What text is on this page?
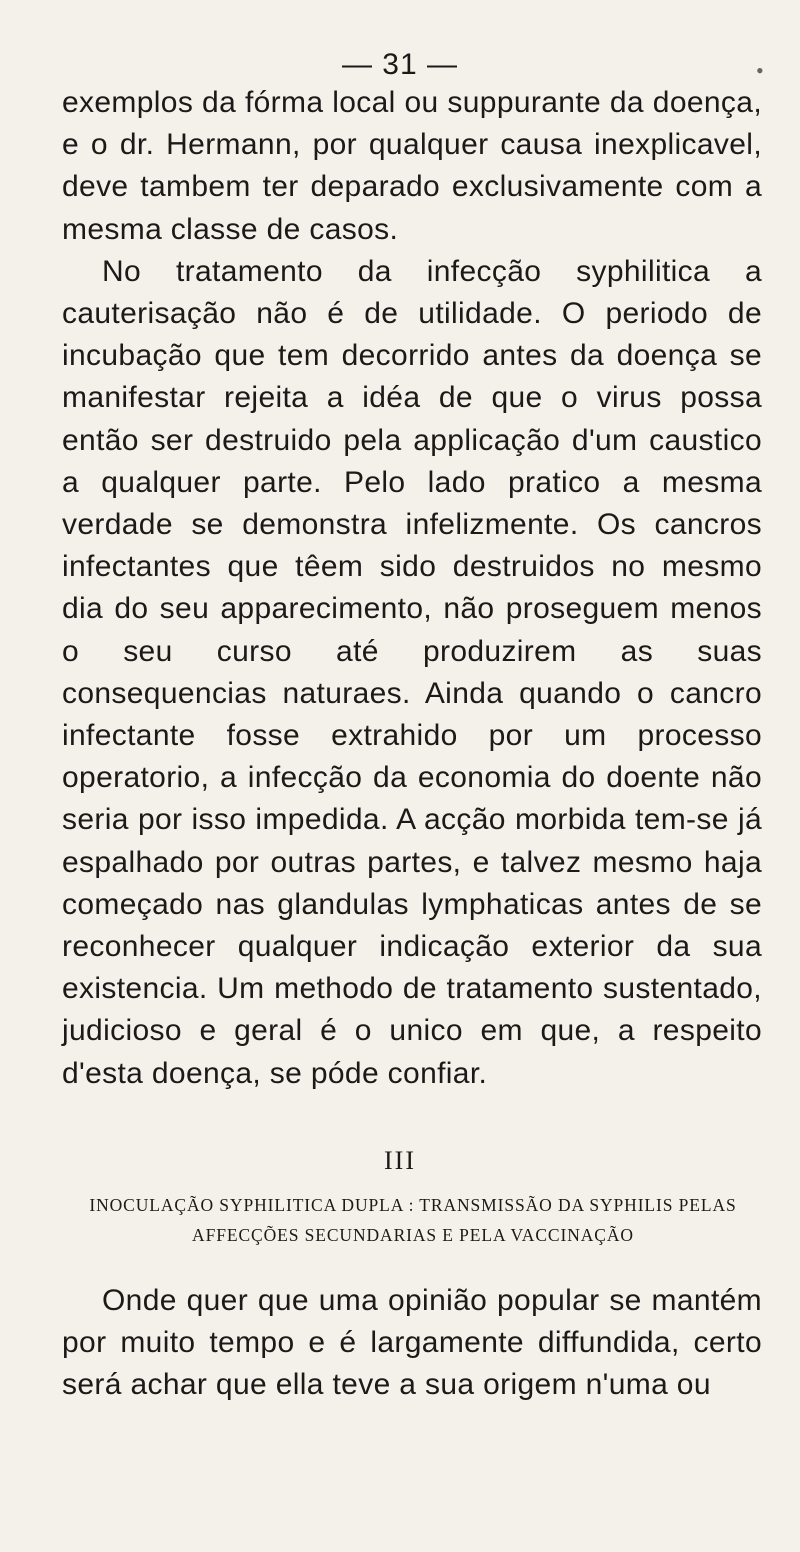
— 31 —	•

exemplos da fórma local ou suppurante da doença, e o dr. Hermann, por qualquer causa inexplicavel, deve tambem ter deparado exclusivamente com a mesma classe de casos.

No tratamento da infecção syphilitica a cauterisação não é de utilidade. O periodo de incubação que tem decorrido antes da doença se manifestar rejeita a idéa de que o virus possa então ser destruido pela applicação d'um caustico a qualquer parte. Pelo lado pratico a mesma verdade se demonstra infelizmente. Os cancros infectantes que têem sido destruidos no mesmo dia do seu apparecimento, não proseguem menos o seu curso até produzirem as suas consequencias naturaes. Ainda quando o cancro infectante fosse extrahido por um processo operatorio, a infecção da economia do doente não seria por isso impedida. A acção morbida tem-se já espalhado por outras partes, e talvez mesmo haja começado nas glandulas lymphaticas antes de se reconhecer qualquer indicação exterior da sua existencia. Um methodo de tratamento sustentado, judicioso e geral é o unico em que, a respeito d'esta doença, se póde confiar.

III
INOCULAÇÃO SYPHILITICA DUPLA : TRANSMISSÃO DA SYPHILIS PELAS AFFECÇÕES SECUNDARIAS E PELA VACCINAÇÃO

Onde quer que uma opinião popular se mantém por muito tempo e é largamente diffundida, certo será achar que ella teve a sua origem n'uma ou
